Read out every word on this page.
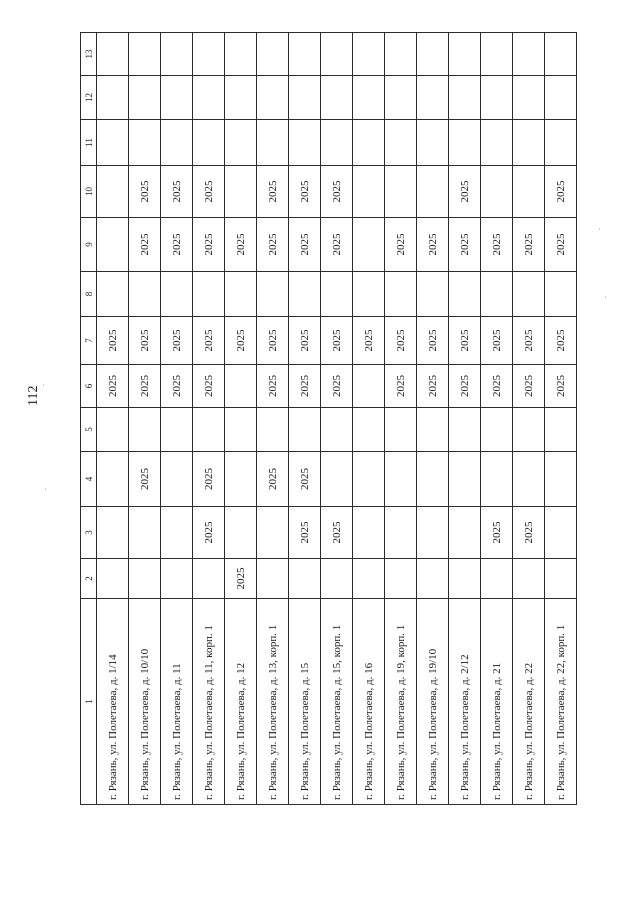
112
1	2	3	4	5	6	7	8	9	10	11	12	13
г. Рязань, ул. Полетаева, д. 1/14					2025	2025						
г. Рязань, ул. Полетаева, д. 10/10			2025		2025	2025		2025	2025			
г. Рязань, ул. Полетаева, д. 11					2025	2025		2025	2025			
г. Рязань, ул. Полетаева, д. 11, корп. 1		2025	2025		2025	2025		2025	2025			
г. Рязань, ул. Полетаева, д. 12	2025					2025		2025				
г. Рязань, ул. Полетаева, д. 13, корп. 1			2025		2025	2025		2025	2025			
г. Рязань, ул. Полетаева, д. 15		2025	2025		2025	2025		2025	2025			
г. Рязань, ул. Полетаева, д. 15, корп. 1		2025			2025	2025		2025	2025			
г. Рязань, ул. Полетаева, д. 16						2025						
г. Рязань, ул. Полетаева, д. 19, корп. 1					2025	2025		2025				
г. Рязань, ул. Полетаева, д. 19/10					2025	2025		2025				
г. Рязань, ул. Полетаева, д. 2/12					2025	2025		2025	2025			
г. Рязань, ул. Полетаева, д. 21		2025			2025	2025		2025				
г. Рязань, ул. Полетаева, д. 22		2025			2025	2025		2025				
г. Рязань, ул. Полетаева, д. 22, корп. 1					2025	2025		2025	2025			
·
·
·
·
